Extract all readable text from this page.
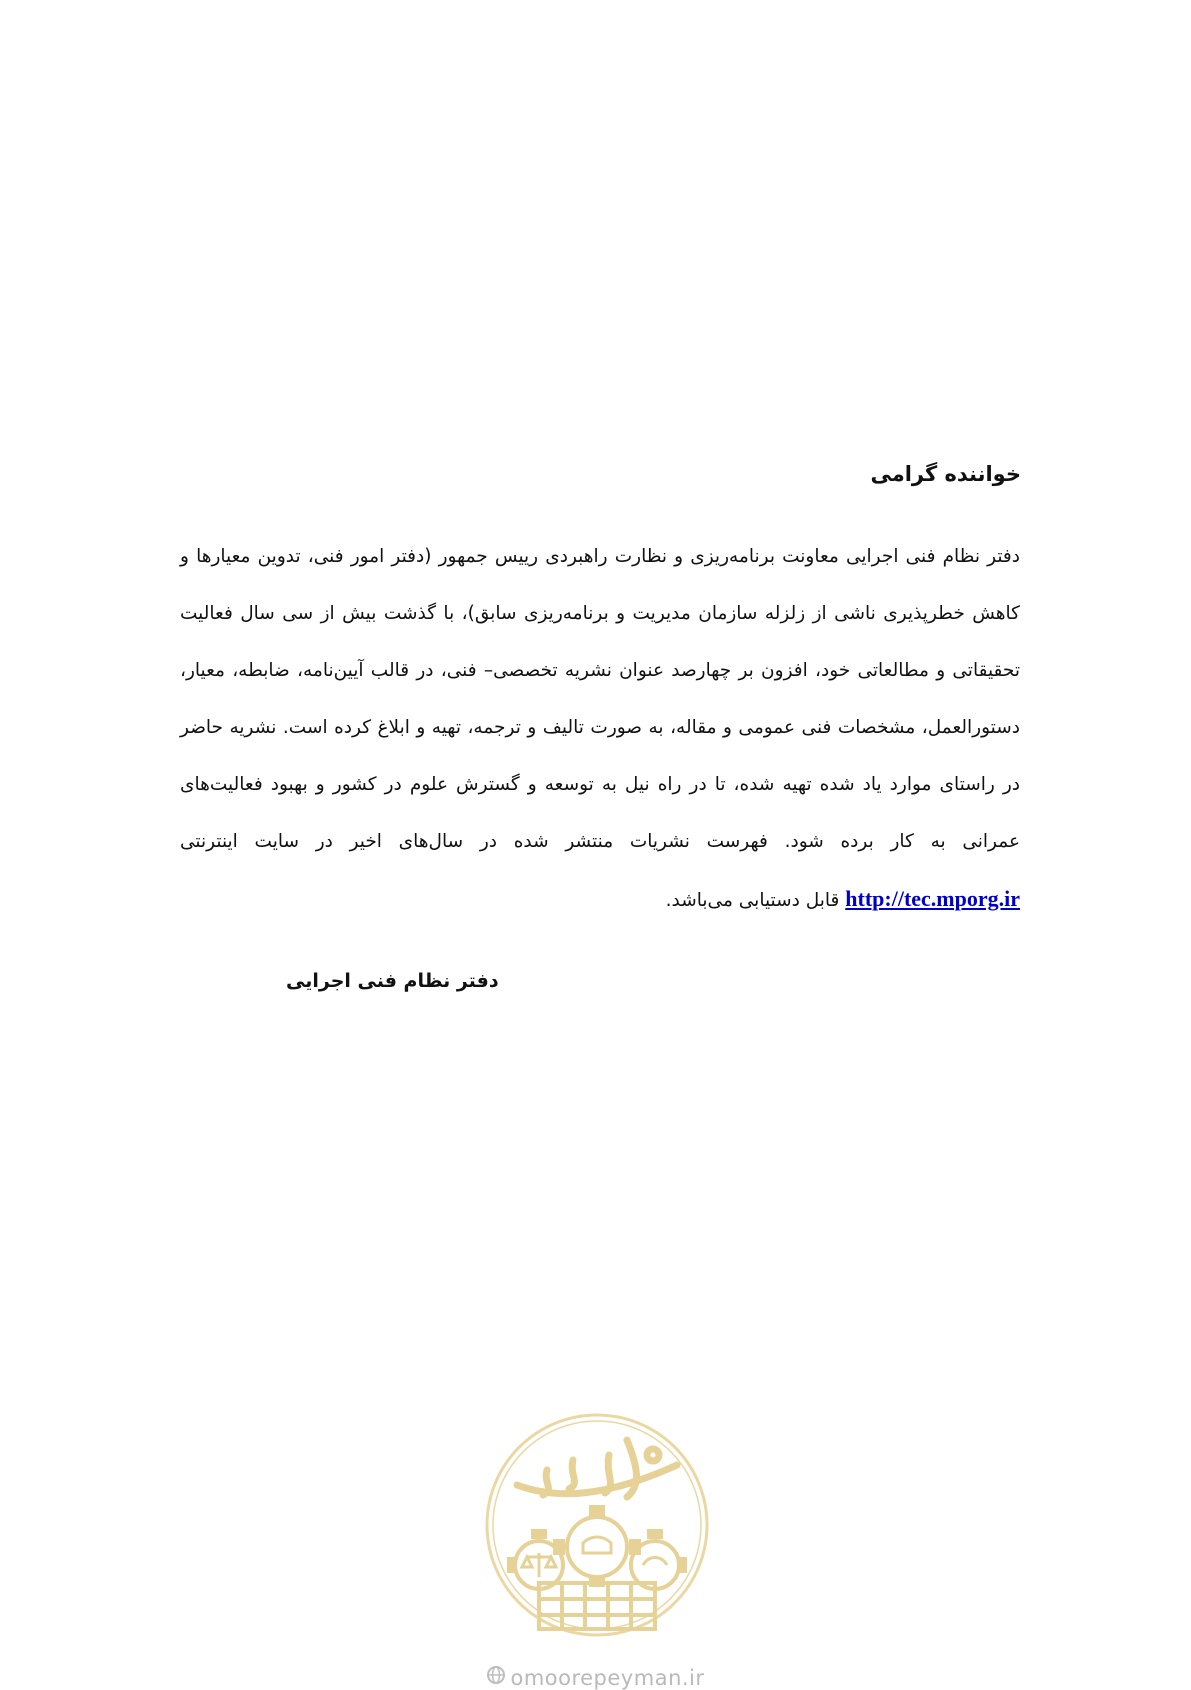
خواننده گرامی
دفتر نظام فنی اجرایی معاونت برنامه‌ریزی و نظارت راهبردی رییس جمهور (دفتر امور فنی، تدوین معیارها و کاهش خطرپذیری ناشی از زلزله سازمان مدیریت و برنامه‌ریزی سابق)، با گذشت بیش از سی سال فعالیت تحقیقاتی و مطالعاتی خود، افزون بر چهارصد عنوان نشریه تخصصی– فنی، در قالب آیین‌نامه، ضابطه، معیار، دستورالعمل، مشخصات فنی عمومی و مقاله، به صورت تالیف و ترجمه، تهیه و ابلاغ کرده است. نشریه حاضر در راستای موارد یاد شده تهیه شده، تا در راه نیل به توسعه و گسترش علوم در کشور و بهبود فعالیت‌های عمرانی به کار برده شود. فهرست نشریات منتشر شده در سال‌های اخیر در سایت اینترنتی http://tec.mporg.ir قابل دستیابی می‌باشد.
دفتر نظام فنی اجرایی
omoorepeyman.ir
